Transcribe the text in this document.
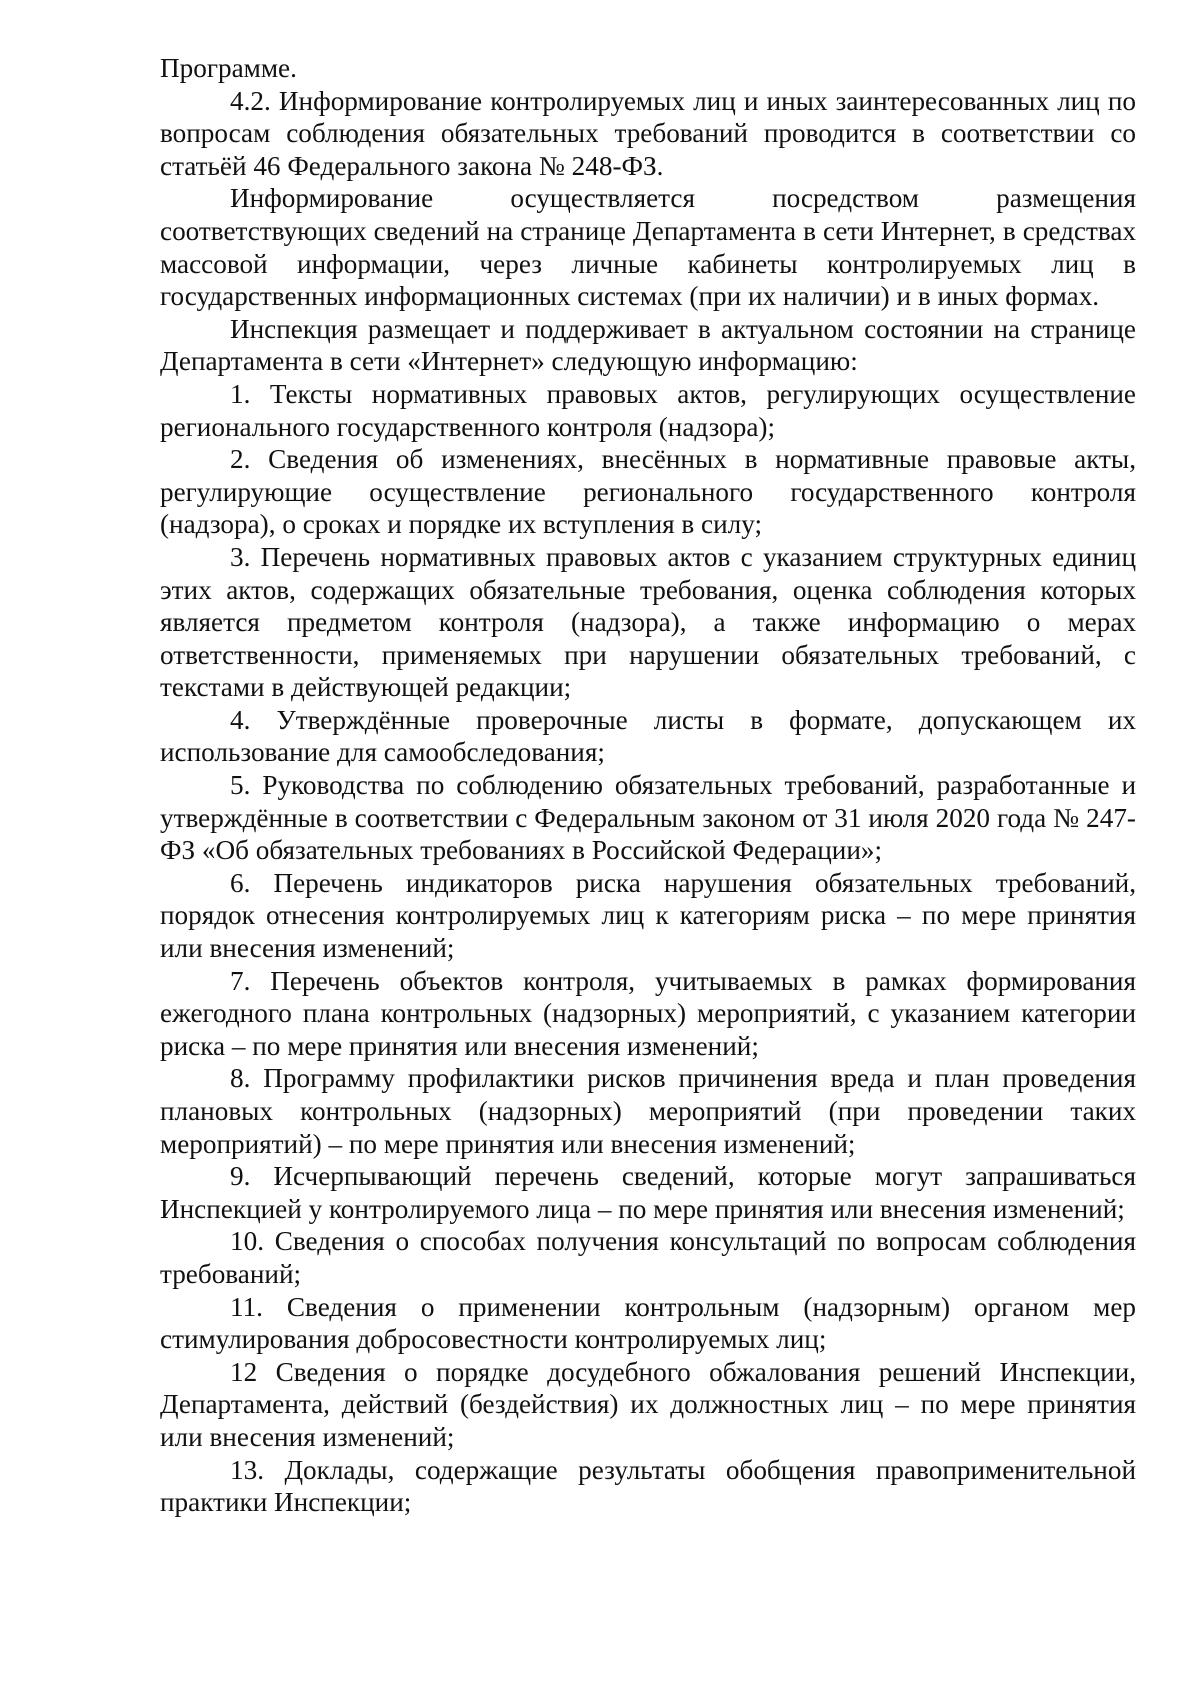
Программе.

4.2. Информирование контролируемых лиц и иных заинтересованных лиц по вопросам соблюдения обязательных требований проводится в соответствии со статьёй 46 Федерального закона № 248-ФЗ.

Информирование осуществляется посредством размещения соответствующих сведений на странице Департамента в сети Интернет, в средствах массовой информации, через личные кабинеты контролируемых лиц в государственных информационных системах (при их наличии) и в иных формах.

Инспекция размещает и поддерживает в актуальном состоянии на странице Департамента в сети «Интернет» следующую информацию:

1. Тексты нормативных правовых актов, регулирующих осуществление регионального государственного контроля (надзора);

2. Сведения об изменениях, внесённых в нормативные правовые акты, регулирующие осуществление регионального государственного контроля (надзора), о сроках и порядке их вступления в силу;

3. Перечень нормативных правовых актов с указанием структурных единиц этих актов, содержащих обязательные требования, оценка соблюдения которых является предметом контроля (надзора), а также информацию о мерах ответственности, применяемых при нарушении обязательных требований, с текстами в действующей редакции;

4. Утверждённые проверочные листы в формате, допускающем их использование для самообследования;

5. Руководства по соблюдению обязательных требований, разработанные и утверждённые в соответствии с Федеральным законом от 31 июля 2020 года № 247-ФЗ «Об обязательных требованиях в Российской Федерации»;

6. Перечень индикаторов риска нарушения обязательных требований, порядок отнесения контролируемых лиц к категориям риска – по мере принятия или внесения изменений;

7. Перечень объектов контроля, учитываемых в рамках формирования ежегодного плана контрольных (надзорных) мероприятий, с указанием категории риска – по мере принятия или внесения изменений;

8. Программу профилактики рисков причинения вреда и план проведения плановых контрольных (надзорных) мероприятий (при проведении таких мероприятий) – по мере принятия или внесения изменений;

9. Исчерпывающий перечень сведений, которые могут запрашиваться Инспекцией у контролируемого лица – по мере принятия или внесения изменений;

10. Сведения о способах получения консультаций по вопросам соблюдения требований;

11. Сведения о применении контрольным (надзорным) органом мер стимулирования добросовестности контролируемых лиц;

12 Сведения о порядке досудебного обжалования решений Инспекции, Департамента, действий (бездействия) их должностных лиц – по мере принятия или внесения изменений;

13. Доклады, содержащие результаты обобщения правоприменительной практики Инспекции;
